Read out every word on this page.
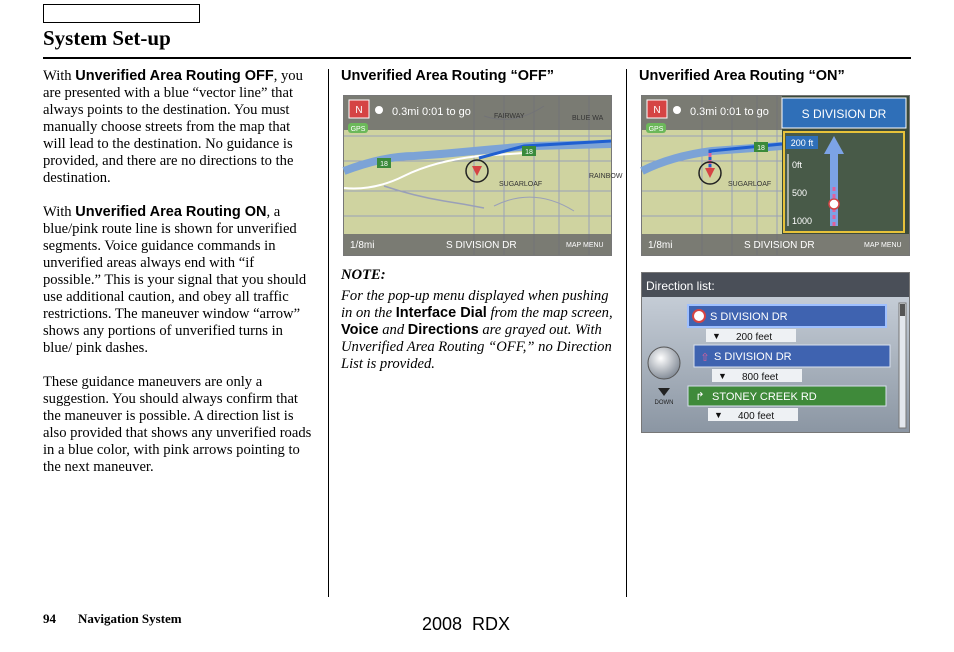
System Set-up

With Unverified Area Routing OFF, you are presented with a blue “vector line” that always points to the destination. You must manually choose streets from the map that will lead to the destination. No guidance is provided, and there are no directions to the destination.

With Unverified Area Routing ON, a blue/pink route line is shown for unverified segments. Voice guidance commands in unverified areas always end with “if possible.” This is your signal that you should use additional caution, and obey all traffic restrictions. The maneuver window “arrow” shows any portions of unverified turns in blue/ pink dashes.

These guidance maneuvers are only a suggestion. You should always confirm that the maneuver is possible. A direction list is also provided that shows any unverified roads in a blue color, with pink arrows pointing to the next maneuver.

Unverified Area Routing “OFF”
N	0.3mi 0:01 to go
GPS
FAIRWAY	BLUE WA
SUGARLOAF
RAINBOW
18
18
1/8mi	S DIVISION DR	MAP MENU
NOTE:
For the pop-up menu displayed when pushing in on the Interface Dial from the map screen, Voice and Directions are grayed out. With Unverified Area Routing “OFF,” no Direction List is provided.
Unverified Area Routing “ON”
N	0.3mi 0:01 to go
GPS
SUGARLOAF
18
S DIVISION DR
200 ft
0ft
500
1000
1/8mi	S DIVISION DR	MAP MENU
Direction list:
DOWN
S DIVISION DR
▼ 200 feet
⇧ S DIVISION DR
▼ 800 feet
↱ STONEY CREEK RD
▼ 400 feet
94 Navigation System	2008  RDX
